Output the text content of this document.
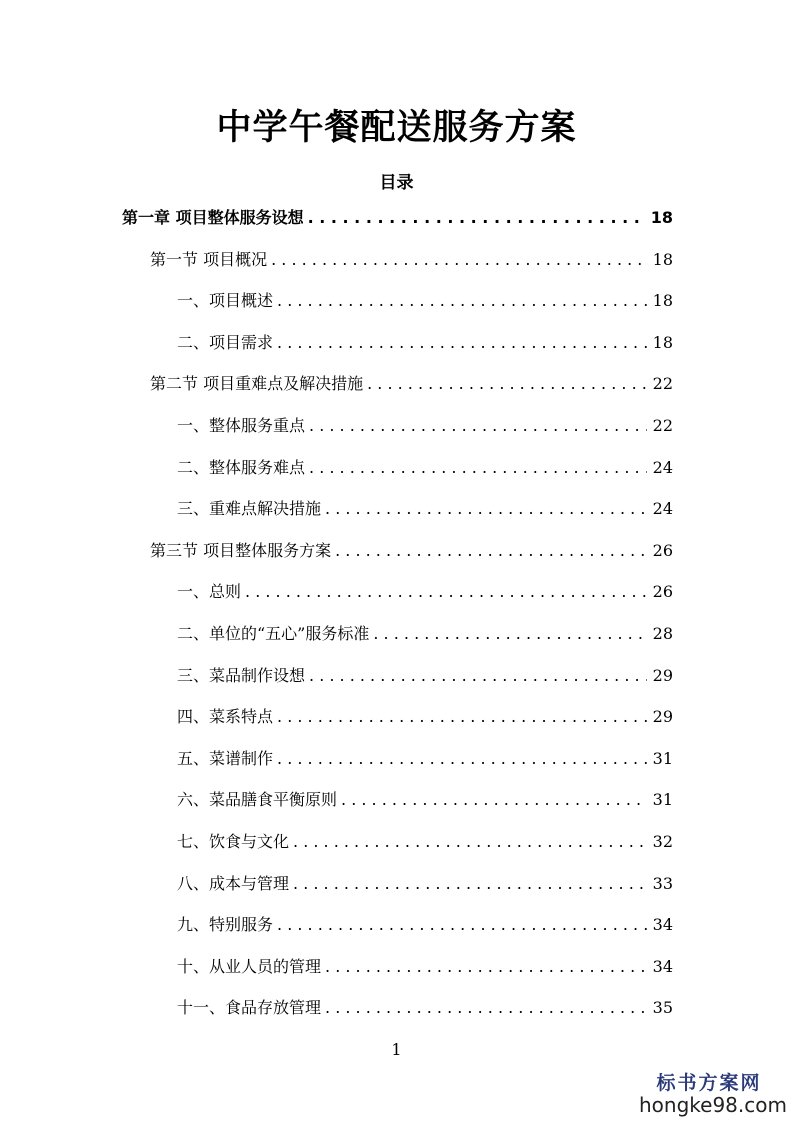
中学午餐配送服务方案
目录
第一章 项目整体服务设想 . . .	18
第一节 项目概况 . . .	18
一、项目概述 . . .	18
二、项目需求 . . .	18
第二节 项目重难点及解决措施 . . .	22
一、整体服务重点 . . .	22
二、整体服务难点 . . .	24
三、重难点解决措施 . . .	24
第三节 项目整体服务方案 . . .	26
一、总则 . . .	26
二、单位的“五心”服务标准 . . .	28
三、菜品制作设想 . . .	29
四、菜系特点 . . .	29
五、菜谱制作 . . .	31
六、菜品膳食平衡原则 . . .	31
七、饮食与文化 . . .	32
八、成本与管理 . . .	33
九、特别服务 . . .	34
十、从业人员的管理 . . .	34
十一、食品存放管理 . . .	35
1
标书方案网
hongke98.com
